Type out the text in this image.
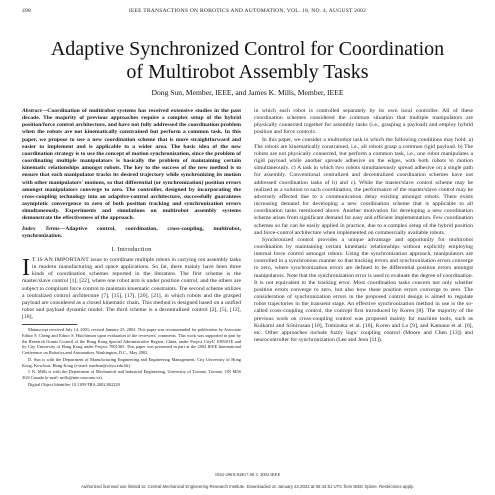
498	IEEE TRANSACTIONS ON ROBOTICS AND AUTOMATION, VOL. 18, NO. 4, AUGUST 2002
Adaptive Synchronized Control for Coordination
of Multirobot Assembly Tasks
Dong Sun, Member, IEEE, and James K. Mills, Member, IEEE

Abstract—Coordination of multirobot systems has received extensive studies in the past decade. The majority of previous approaches require a complex setup of the hybrid position/force control architecture, and have not fully addressed the coordination problem when the robots are not kinematically constrained but perform a common task. In this paper, we propose to use a new coordination scheme that is more straightforward and easier to implement and is applicable to a wider area. The basic idea of the new coordination strategy is to use the concept of motion synchronization, since the problem of coordinating multiple manipulators is basically the problem of maintaining certain kinematic relationships amongst robots. The key to the success of the new method is to ensure that each manipulator tracks its desired trajectory while synchronizing its motion with other manipulators' motions, so that differential (or synchronization) position errors amongst manipulators converge to zero. The controller, designed by incorporating the cross-coupling technology into an adaptive-control architecture, successfully guarantees asymptotic convergence to zero of both position tracking and synchronization errors simultaneously. Experiments and simulations on multirobot assembly systems demonstrate the effectiveness of the approach.

Index Terms—Adaptive control, coordination, cross-coupling, multirobot, synchronization.

I. Introduction

I T IS AN IMPORTANT issue to coordinate multiple robots in carrying out assembly tasks in modern manufacturing and space applications. So far, there mainly have been three kinds of coordination schemes reported in the literature. The first scheme is the master/slave control [1], [22], where one robot arm is under position control, and the others are subject to compliant force control to maintain kinematic constraints. The second scheme utilizes a centralized control architecture [7], [15], [17], [20], [21], in which robots and the grasped payload are considered as a closed kinematic chain. This method is designed based on a unified robot and payload dynamic model. The third scheme is a decentralized control [2], [5], [12], [18],

Manuscript received July 14, 2001; revised January 25, 2002. This paper was recommended for publication by Associate Editor F. Cheng and Editor S. Hutchinson upon evaluation of the reviewers' comments. This work was supported in part by the Research Grants Council of the Hong Kong Special Administrative Region, China, under Project CityU 1085/01E and by City University of Hong Kong under Project 7001365. This paper was presented in part at the 2002 IEEE International Conference on Robotics and Automation, Washington, D.C., May 2002.

D. Sun is with the Department of Manufacturing Engineering and Engineering Management, City University of Hong Kong, Kowloon, Hong Kong (e-mail: medsun@cityu.edu.hk).

J. K. Mills is with the Department of Mechanical and Industrial Engineering, University of Toronto, Toronto, ON M5S 3G8 Canada (e-mail: mills@mie.utoronto.ca).

Digital Object Identifier 10.1109/TRA.2002.802229

in which each robot is controlled separately by its own local controller. All of these coordination schemes considered the common situation that multiple manipulators are physically connected together for assembly tasks (i.e., grasping a payload) and employ hybrid position and force controls.

In this paper, we consider a multirobot task in which the following conditions may hold: a) The robots are kinematically constrained, i.e., all robots grasp a common rigid payload. b) The robots are not physically connected, but perform a common task, i.e., one robot manipulates a rigid payload while another spreads adhesive on the edges, with both robots in motion simultaneously. c) A task in which two robots simultaneously spread adhesive on a single path for assembly. Conventional centralized and decentralized coordination schemes have not addressed coordination tasks of b) and c). While the master/slave control scheme may be realized as a solution to such coordination, the performance of the master/slave control may be adversely affected due to a communication delay existing amongst robots. There exists increasing demand for developing a new coordination scheme that is applicable to all coordination tasks mentioned above. Another motivation for developing a new coordination scheme arises from significant demand for easy and efficient implementation. Few coordination schemes so far can be easily applied in practice, due to a complex setup of the hybrid position and force-control architecture when implemented on commercially available robots.

Synchronized control provides a unique advantage and opportunity for multirobot coordination by maintaining certain kinematic relationships without explicitly employing internal force control amongst robots. Using the synchronization approach, manipulators are controlled in a synchronous manner so that tracking errors and synchronization errors converge to zero, where synchronization errors are defined to be differential position errors amongst manipulators. Note that the synchronization error is used to evaluate the degree of coordination. It is not equivalent to the tracking error. Most coordination tasks concern not only whether position errors converge to zero, but also how these position errors converge to zero. The consideration of synchronization errors in the proposed control design is aimed to regulate robot trajectories in the transient stage. An effective synchronization method in use is the so-called cross-coupling control, the concept first introduced by Koren [8]. The majority of the previous work on cross-coupling control was proposed mainly for machine tools, such as Kulkarni and Srinivasan [10], Tomizuka et al. [16], Koren and Lo [9], and Kamano et al. [6], etc. Other approaches include fuzzy logic coupling control (Moore and Chen [13]) and neurocontroller for synchronization (Lee and Jeon [11]).

1042-296X/02$17.00 © 2002 IEEE
Authorized licensed use limited to: Central Mechanical Engineering Research Institute. Downloaded on January 22,2022 at 06:44:51 UTC from IEEE Xplore. Restrictions apply.
